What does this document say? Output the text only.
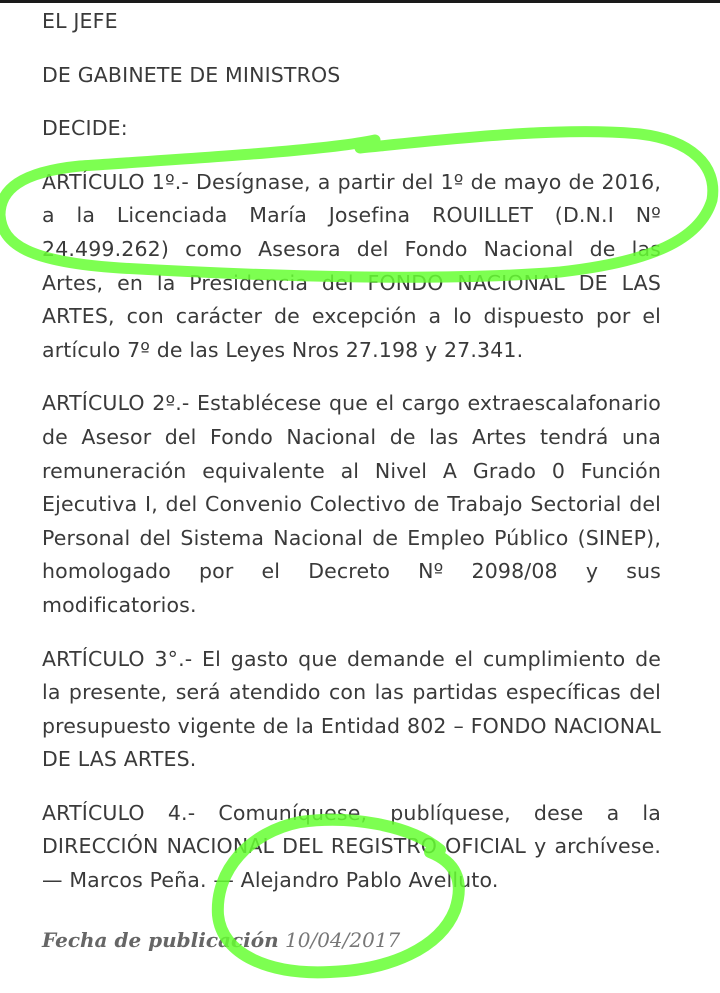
EL JEFE

DE GABINETE DE MINISTROS

DECIDE:

ARTÍCULO 1º.- Desígnase, a partir del 1º de mayo de 2016, a la Licenciada María Josefina ROUILLET (D.N.I Nº 24.499.262) como Asesora del Fondo Nacional de las Artes, en la Presidencia del FONDO NACIONAL DE LAS ARTES, con carácter de excepción a lo dispuesto por el artículo 7º de las Leyes Nros 27.198 y 27.341.

ARTÍCULO 2º.- Establécese que el cargo extraescalafonario de Asesor del Fondo Nacional de las Artes tendrá una remuneración equivalente al Nivel A Grado 0 Función Ejecutiva I, del Convenio Colectivo de Trabajo Sectorial del Personal del Sistema Nacional de Empleo Público (SINEP), homologado por el Decreto Nº 2098/08 y sus modificatorios.

ARTÍCULO 3°.- El gasto que demande el cumplimiento de la presente, será atendido con las partidas específicas del presupuesto vigente de la Entidad 802 – FONDO NACIONAL DE LAS ARTES.

ARTÍCULO 4.- Comuníquese, publíquese, dese a la DIRECCIÓN NACIONAL DEL REGISTRO OFICIAL y archívese. — Marcos Peña. — Alejandro Pablo Avelluto.

Fecha de publicación 10/04/2017
